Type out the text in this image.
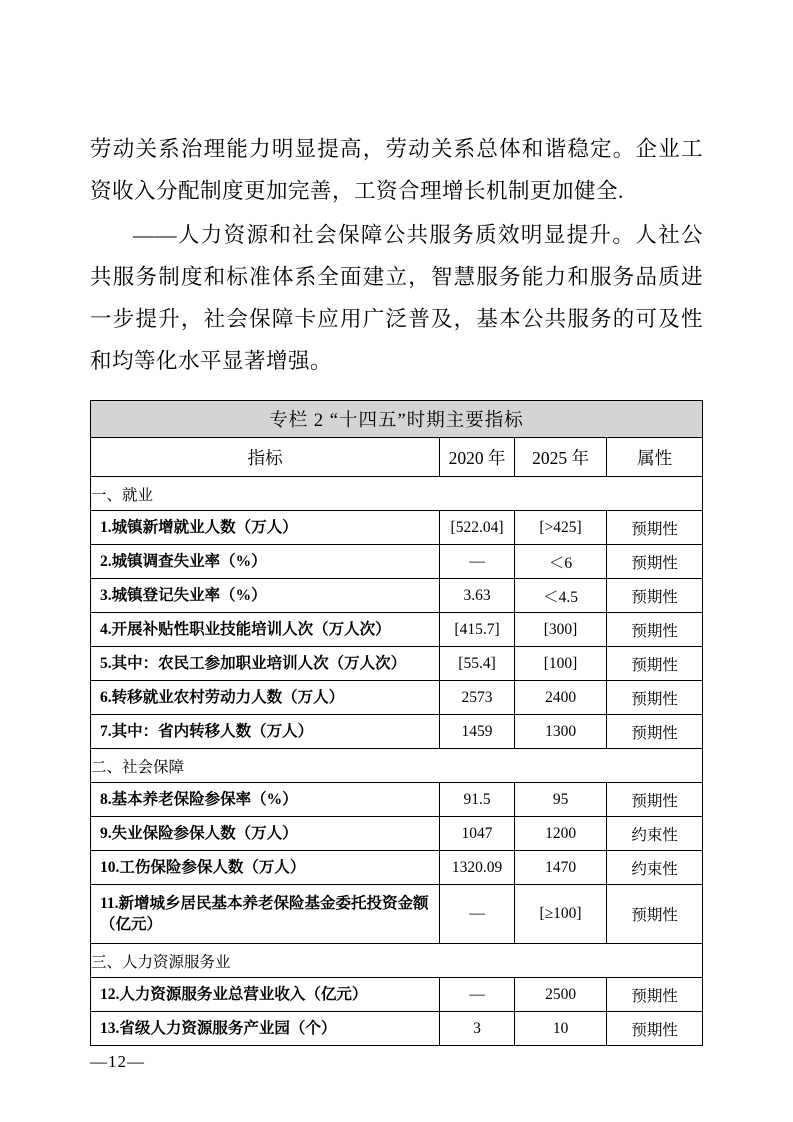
劳动关系治理能力明显提高，劳动关系总体和谐稳定。企业工资收入分配制度更加完善，工资合理增长机制更加健全.

——人力资源和社会保障公共服务质效明显提升。人社公共服务制度和标准体系全面建立，智慧服务能力和服务品质进一步提升，社会保障卡应用广泛普及，基本公共服务的可及性和均等化水平显著增强。

专栏 2 “十四五”时期主要指标			
指标	2020 年	2025 年	属性
一、就业			
1.城镇新增就业人数（万人）	[522.04]	[>425]	预期性
2.城镇调查失业率（%）	—	＜6	预期性
3.城镇登记失业率（%）	3.63	＜4.5	预期性
4.开展补贴性职业技能培训人次（万人次）	[415.7]	[300]	预期性
5.其中：农民工参加职业培训人次（万人次）	[55.4]	[100]	预期性
6.转移就业农村劳动力人数（万人）	2573	2400	预期性
7.其中：省内转移人数（万人）	1459	1300	预期性
二、社会保障			
8.基本养老保险参保率（%）	91.5	95	预期性
9.失业保险参保人数（万人）	1047	1200	约束性
10.工伤保险参保人数（万人）	1320.09	1470	约束性
11.新增城乡居民基本养老保险基金委托投资金额（亿元）	—	[≥100]	预期性
三、人力资源服务业			
12.人力资源服务业总营业收入（亿元）	—	2500	预期性
13.省级人力资源服务产业园（个）	3	10	预期性
—12—
